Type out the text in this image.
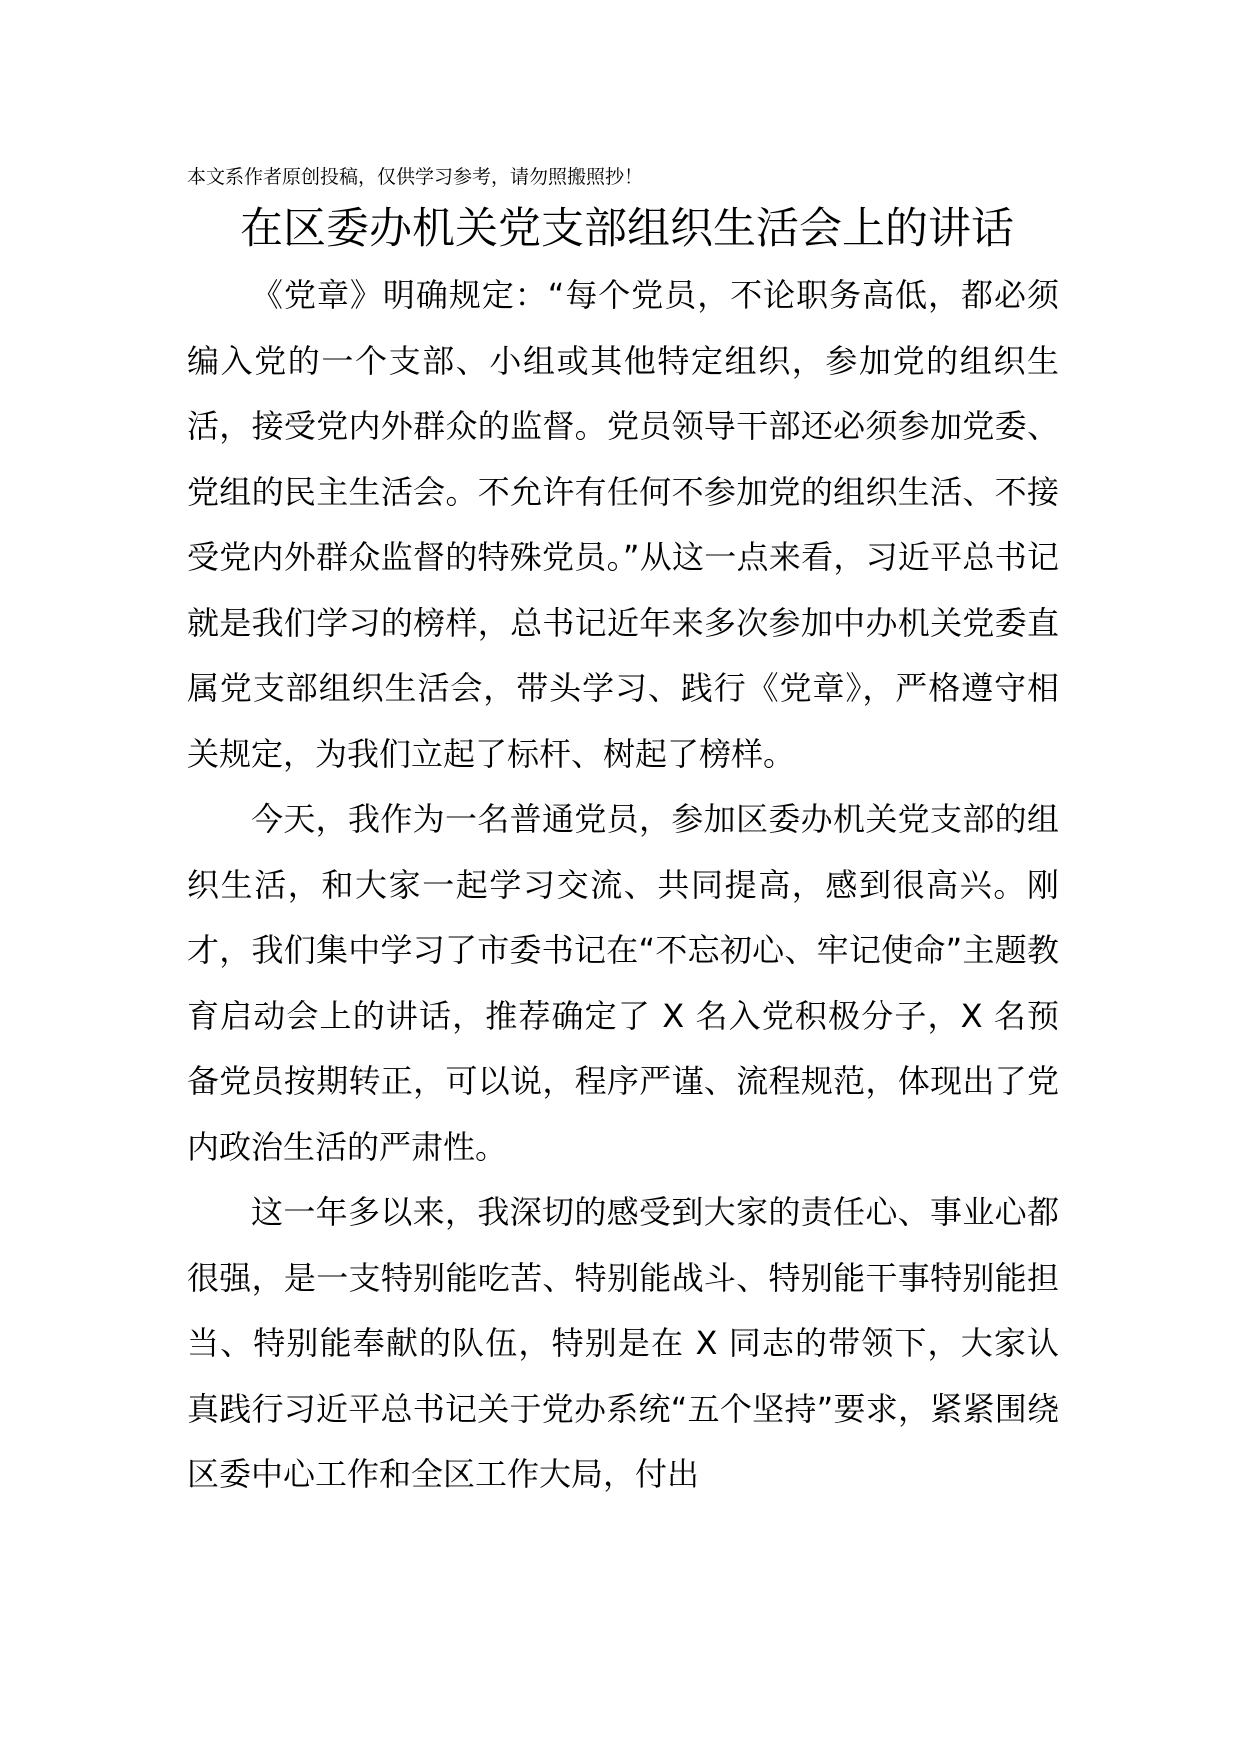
本文系作者原创投稿，仅供学习参考，请勿照搬照抄！
在区委办机关党支部组织生活会上的讲话

《党章》明确规定：“每个党员，不论职务高低，都必须编入党的一个支部、小组或其他特定组织，参加党的组织生活，接受党内外群众的监督。党员领导干部还必须参加党委、党组的民主生活会。不允许有任何不参加党的组织生活、不接受党内外群众监督的特殊党员。”从这一点来看，习近平总书记就是我们学习的榜样，总书记近年来多次参加中办机关党委直属党支部组织生活会，带头学习、践行《党章》，严格遵守相关规定，为我们立起了标杆、树起了榜样。

今天，我作为一名普通党员，参加区委办机关党支部的组织生活，和大家一起学习交流、共同提高，感到很高兴。刚才，我们集中学习了市委书记在“不忘初心、牢记使命”主题教育启动会上的讲话，推荐确定了 X 名入党积极分子，X 名预备党员按期转正，可以说，程序严谨、流程规范，体现出了党内政治生活的严肃性。

这一年多以来，我深切的感受到大家的责任心、事业心都很强，是一支特别能吃苦、特别能战斗、特别能干事特别能担当、特别能奉献的队伍，特别是在 X 同志的带领下，大家认真践行习近平总书记关于党办系统“五个坚持”要求，紧紧围绕区委中心工作和全区工作大局，付出
